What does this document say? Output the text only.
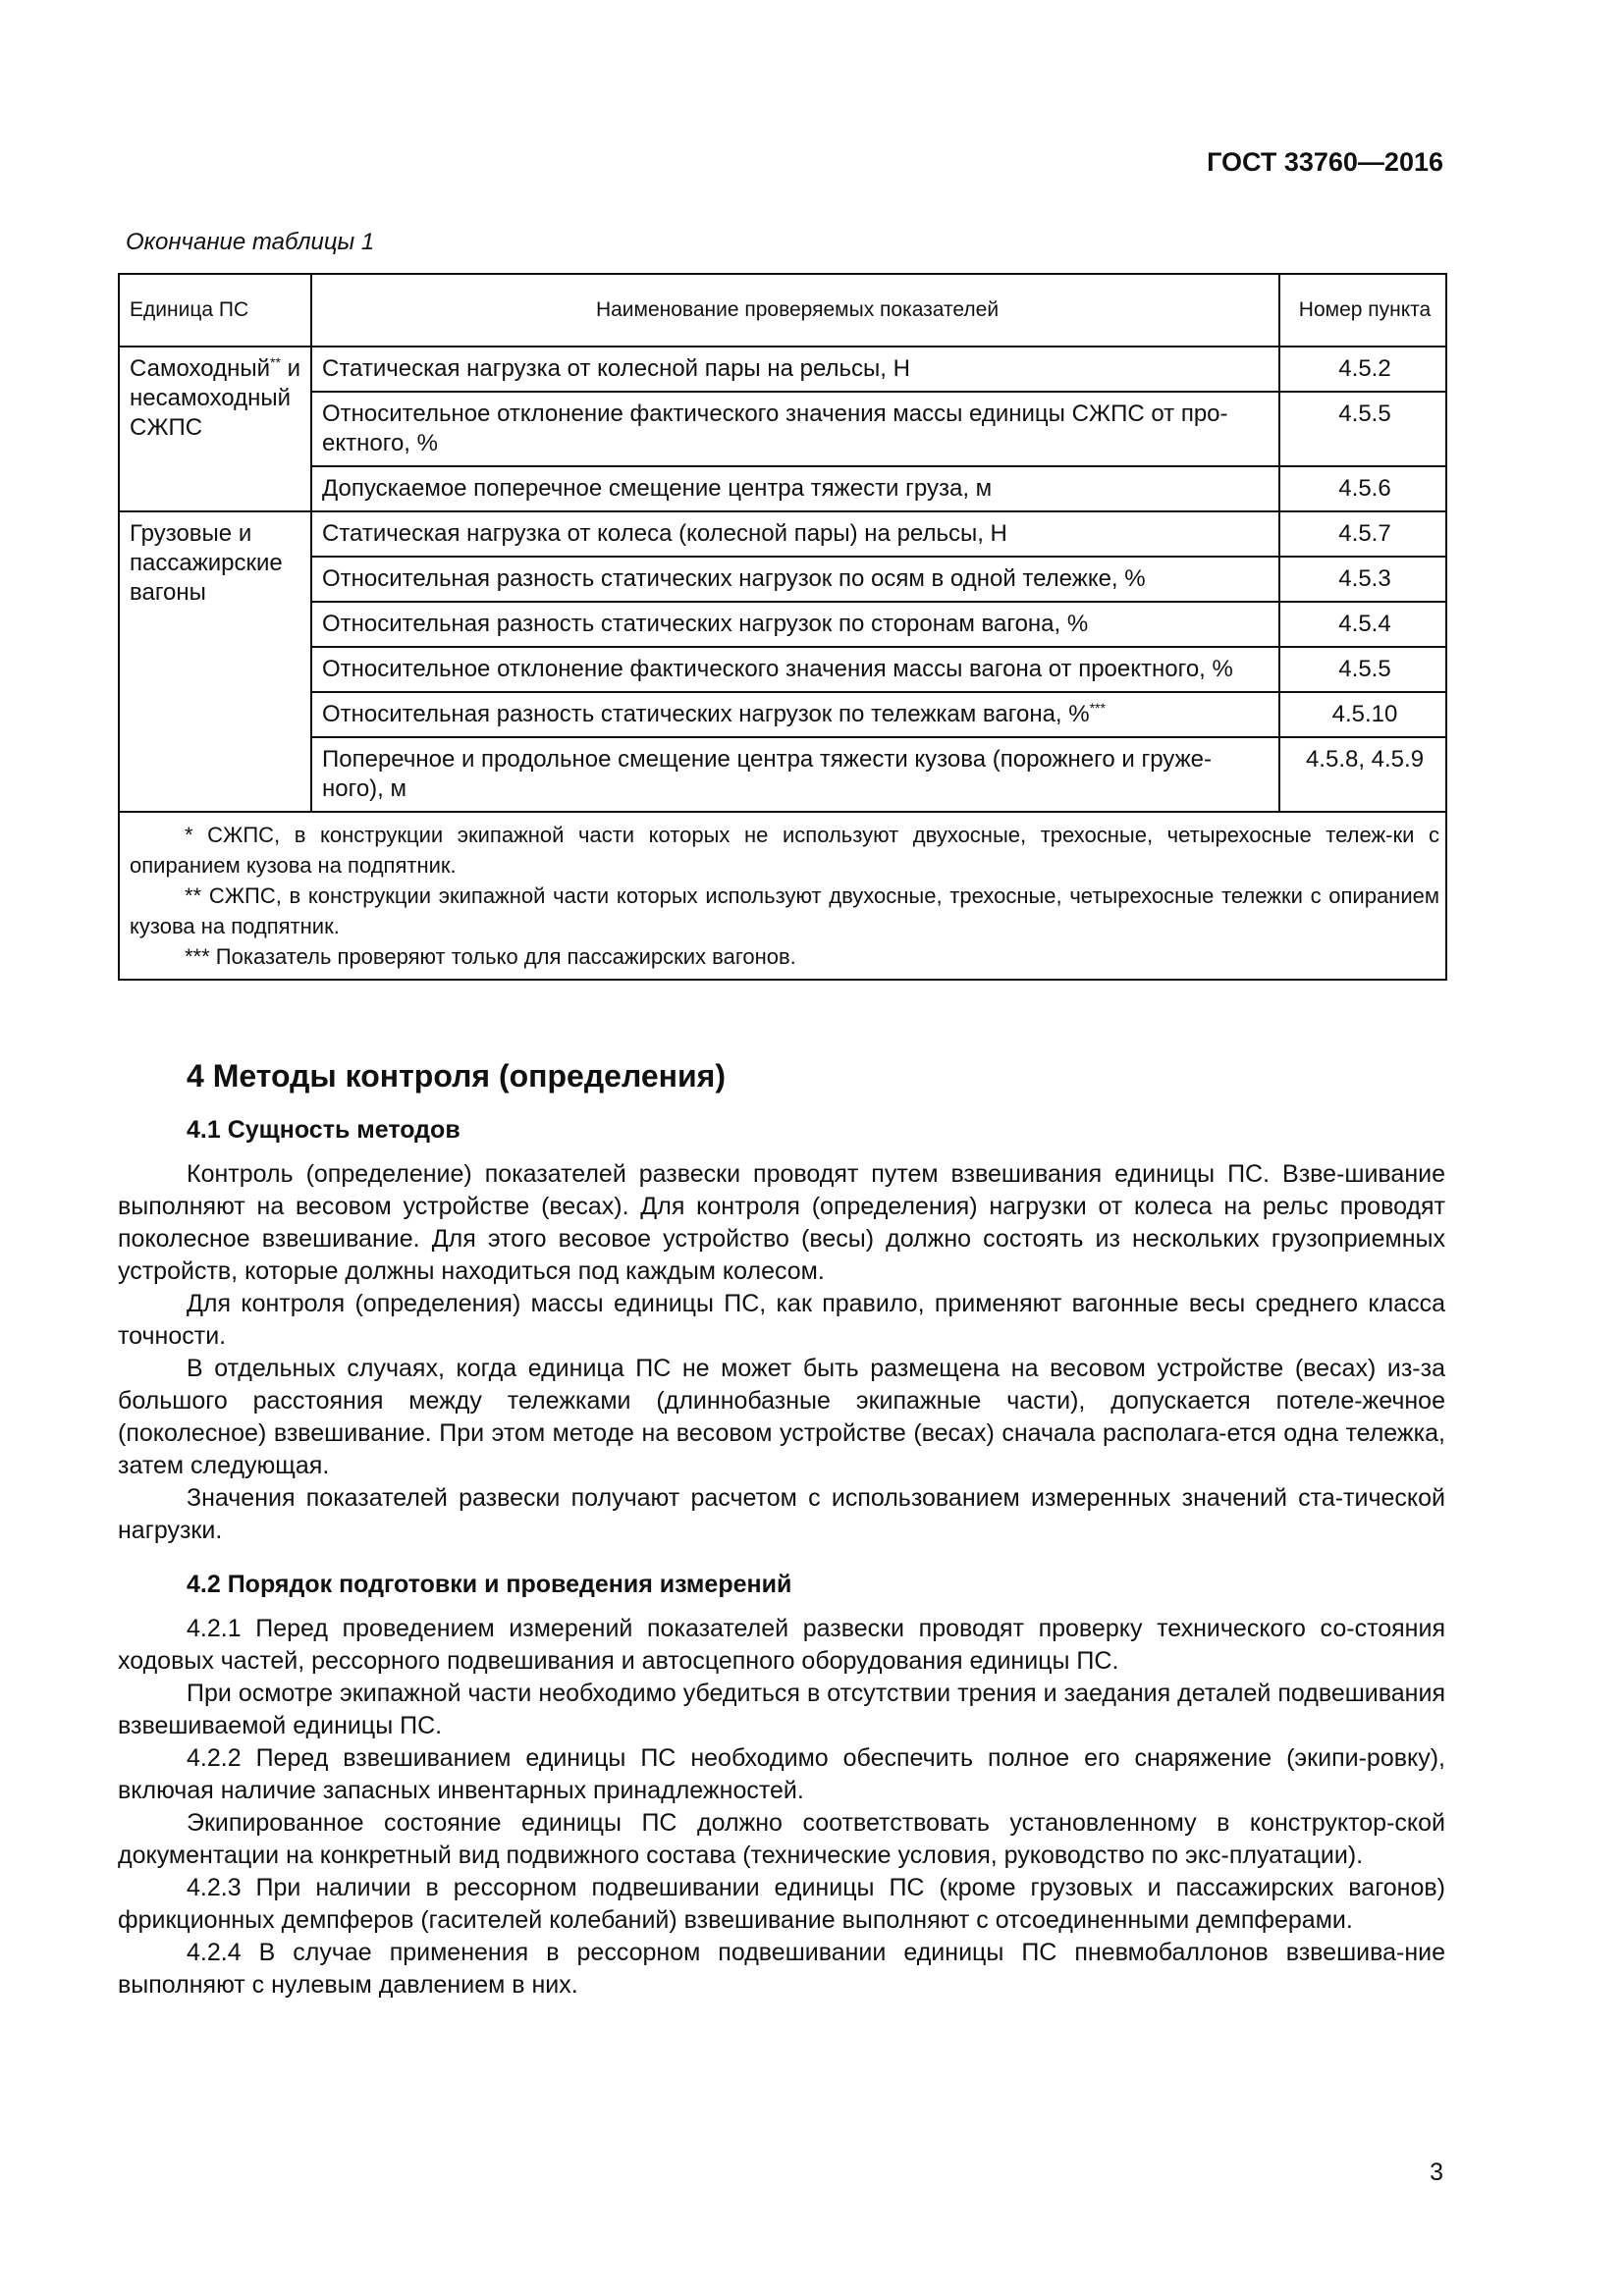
ГОСТ 33760—2016
Окончание таблицы 1
Единица ПС	Наименование проверяемых показателей	Номер пункта
Самоходный** и несамоходный СЖПС	Статическая нагрузка от колесной пары на рельсы, Н	4.5.2
	Относительное отклонение фактического значения массы единицы СЖПС от про-ектного, %	4.5.5
	Допускаемое поперечное смещение центра тяжести груза, м	4.5.6
Грузовые и пассажирские вагоны	Статическая нагрузка от колеса (колесной пары) на рельсы, Н	4.5.7
	Относительная разность статических нагрузок по осям в одной тележке, %	4.5.3
	Относительная разность статических нагрузок по сторонам вагона, %	4.5.4
	Относительное отклонение фактического значения массы вагона от проектного, %	4.5.5
	Относительная разность статических нагрузок по тележкам вагона, %***	4.5.10
	Поперечное и продольное смещение центра тяжести кузова (порожнего и груже-ного), м	4.5.8, 4.5.9

* СЖПС, в конструкции экипажной части которых не используют двухосные, трехосные, четырехосные тележ-ки с опиранием кузова на подпятник.

** СЖПС, в конструкции экипажной части которых используют двухосные, трехосные, четырехосные тележки с опиранием кузова на подпятник.

*** Показатель проверяют только для пассажирских вагонов.		

4 Методы контроля (определения)
4.1 Сущность методов

Контроль (определение) показателей развески проводят путем взвешивания единицы ПС. Взве-шивание выполняют на весовом устройстве (весах). Для контроля (определения) нагрузки от колеса на рельс проводят поколесное взвешивание. Для этого весовое устройство (весы) должно состоять из нескольких грузоприемных устройств, которые должны находиться под каждым колесом.

Для контроля (определения) массы единицы ПС, как правило, применяют вагонные весы среднего класса точности.

В отдельных случаях, когда единица ПС не может быть размещена на весовом устройстве (весах) из-за большого расстояния между тележками (длиннобазные экипажные части), допускается потеле-жечное (поколесное) взвешивание. При этом методе на весовом устройстве (весах) сначала располага-ется одна тележка, затем следующая.

Значения показателей развески получают расчетом с использованием измеренных значений ста-тической нагрузки.

4.2 Порядок подготовки и проведения измерений

4.2.1 Перед проведением измерений показателей развески проводят проверку технического со-стояния ходовых частей, рессорного подвешивания и автосцепного оборудования единицы ПС.

При осмотре экипажной части необходимо убедиться в отсутствии трения и заедания деталей подвешивания взвешиваемой единицы ПС.

4.2.2 Перед взвешиванием единицы ПС необходимо обеспечить полное его снаряжение (экипи-ровку), включая наличие запасных инвентарных принадлежностей.

Экипированное состояние единицы ПС должно соответствовать установленному в конструктор-ской документации на конкретный вид подвижного состава (технические условия, руководство по экс-плуатации).

4.2.3 При наличии в рессорном подвешивании единицы ПС (кроме грузовых и пассажирских вагонов) фрикционных демпферов (гасителей колебаний) взвешивание выполняют с отсоединенными демпферами.

4.2.4 В случае применения в рессорном подвешивании единицы ПС пневмобаллонов взвешива-ние выполняют с нулевым давлением в них.

3
